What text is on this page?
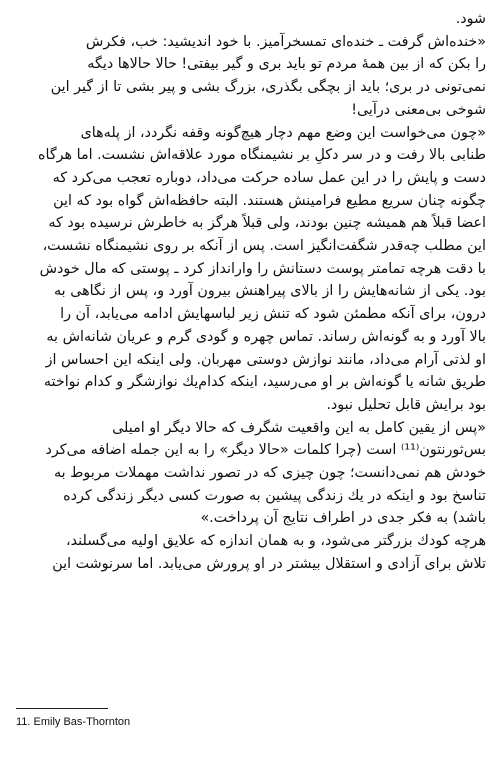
شود.

«خنده‌اش گرفت ـ خنده‌ای تمسخرآمیز. با خود اندیشید: خب، فکرش
را بکن که از بین همهٔ مردم تو باید بری و گیر بیفتی! حالا حالاها دیگه
نمی‌تونی در بری؛ باید از بچگی بگذری، بزرگ بشی و پیر بشی تا از گیر این
شوخی بی‌معنی درآیی!

«چون می‌خواست این وضع مهم دچار هیچ‌گونه وقفه نگردد، از پله‌های
طنابی بالا رفت و در سر دکلِ بر نشیمنگاه مورد علاقه‌اش نشست. اما هرگاه
دست و پایش را در این عمل ساده حرکت می‌داد، دوباره تعجب می‌کرد که
چگونه چنان سریع مطیع فرامینش هستند. البته حافظه‌اش گواه بود که این
اعضا قبلاً هم همیشه چنین بودند، ولی قبلاً هرگز به خاطرش نرسیده بود که
این مطلب چه‌قدر شگفت‌انگیز است. پس از آنکه بر روی نشیمنگاه نشست،
با دقت هرچه تمامتر پوست دستانش را وارانداز کرد ـ پوستی که مال خودش
بود. یکی از شانه‌هایش را از بالای پیراهنش بیرون آورد و، پس از نگاهی به
درون، برای آنکه مطمئن شود که تنش زیر لباسهایش ادامه می‌یابد، آن را
بالا آورد و به گونه‌اش رساند. تماس چهره و گودی گرم و عریان شانه‌اش به
او لذتی آرام می‌داد، مانند نوازش دوستی مهربان. ولی اینکه این احساس از
طریق شانه یا گونه‌اش بر او می‌رسید، اینکه کدام‌یك نوازشگر و کدام نواخته
بود برایش قابل تحلیل نبود.

«پس از یقین کامل به این واقعیت شگرف که حالا دیگر او امیلی
بس‌ثورنتون⁽¹¹⁾ است (چرا کلمات «حالا دیگر» را به این جمله اضافه می‌کرد
خودش هم نمی‌دانست؛ چون چیزی که در تصور نداشت مهملات مربوط به
تناسخ بود و اینکه در یك زندگی پیشین به صورت کسی دیگر زندگی کرده
باشد) به فکر جدی در اطراف نتایج آن پرداخت.»

هرچه کودك بزرگتر می‌شود، و به همان اندازه که علایق اولیه می‌گسلند،
تلاش برای آزادی و استقلال بیشتر در او پرورش می‌یابد. اما سرنوشت این

11. Emily Bas-Thornton
